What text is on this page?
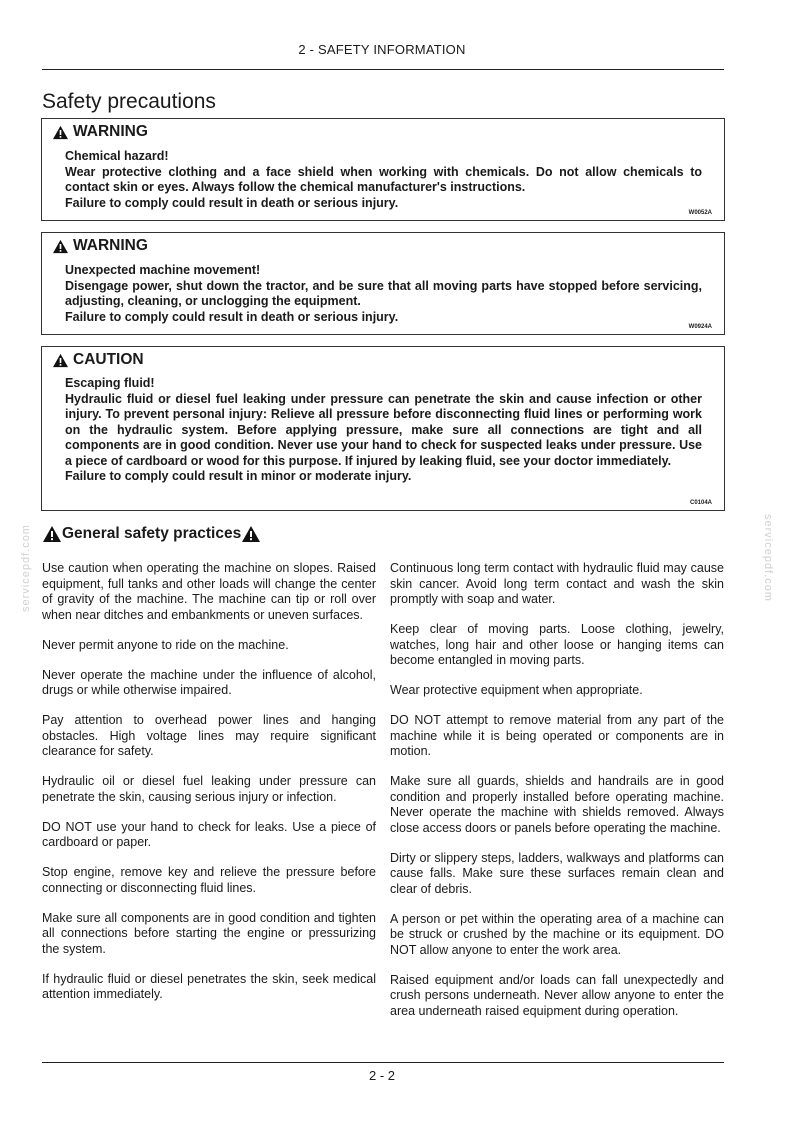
2 - SAFETY INFORMATION
Safety precautions
WARNING

Chemical hazard!

Wear protective clothing and a face shield when working with chemicals. Do not allow chemicals to contact skin or eyes. Always follow the chemical manufacturer's instructions.

Failure to comply could result in death or serious injury.

W0052A
WARNING

Unexpected machine movement!

Disengage power, shut down the tractor, and be sure that all moving parts have stopped before servicing, adjusting, cleaning, or unclogging the equipment.

Failure to comply could result in death or serious injury.

W0924A
CAUTION

Escaping fluid!

Hydraulic fluid or diesel fuel leaking under pressure can penetrate the skin and cause infection or other injury. To prevent personal injury: Relieve all pressure before disconnecting fluid lines or performing work on the hydraulic system. Before applying pressure, make sure all connections are tight and all components are in good condition. Never use your hand to check for suspected leaks under pressure. Use a piece of cardboard or wood for this purpose. If injured by leaking fluid, see your doctor immediately.

Failure to comply could result in minor or moderate injury.

C0104A
General safety practices

Use caution when operating the machine on slopes. Raised equipment, full tanks and other loads will change the center of gravity of the machine. The machine can tip or roll over when near ditches and embankments or uneven surfaces.

Never permit anyone to ride on the machine.

Never operate the machine under the influence of alcohol, drugs or while otherwise impaired.

Pay attention to overhead power lines and hanging obstacles. High voltage lines may require significant clearance for safety.

Hydraulic oil or diesel fuel leaking under pressure can penetrate the skin, causing serious injury or infection.

DO NOT use your hand to check for leaks. Use a piece of cardboard or paper.

Stop engine, remove key and relieve the pressure before connecting or disconnecting fluid lines.

Make sure all components are in good condition and tighten all connections before starting the engine or pressurizing the system.

If hydraulic fluid or diesel penetrates the skin, seek medical attention immediately.

Continuous long term contact with hydraulic fluid may cause skin cancer. Avoid long term contact and wash the skin promptly with soap and water.

Keep clear of moving parts. Loose clothing, jewelry, watches, long hair and other loose or hanging items can become entangled in moving parts.

Wear protective equipment when appropriate.

DO NOT attempt to remove material from any part of the machine while it is being operated or components are in motion.

Make sure all guards, shields and handrails are in good condition and properly installed before operating machine. Never operate the machine with shields removed. Always close access doors or panels before operating the machine.

Dirty or slippery steps, ladders, walkways and platforms can cause falls. Make sure these surfaces remain clean and clear of debris.

A person or pet within the operating area of a machine can be struck or crushed by the machine or its equipment. DO NOT allow anyone to enter the work area.

Raised equipment and/or loads can fall unexpectedly and crush persons underneath. Never allow anyone to enter the area underneath raised equipment during operation.

servicepdf.com	servicepdf.com
2 - 2
